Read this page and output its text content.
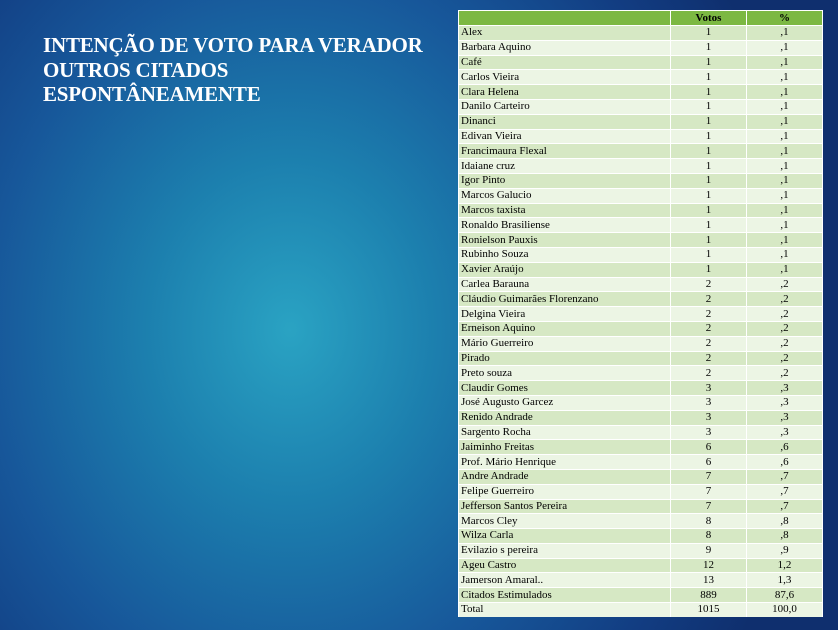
INTENÇÃO DE VOTO PARA VERADOR
OUTROS CITADOS
ESPONTÂNEAMENTE
	Votos	%
Alex	1	,1
Barbara Aquino	1	,1
Café	1	,1
Carlos Vieira	1	,1
Clara Helena	1	,1
Danilo Carteiro	1	,1
Dinanci	1	,1
Edivan Vieira	1	,1
Francimaura Flexal	1	,1
Idaiane cruz	1	,1
Igor Pinto	1	,1
Marcos Galucio	1	,1
Marcos taxista	1	,1
Ronaldo Brasiliense	1	,1
Ronielson Pauxis	1	,1
Rubinho Souza	1	,1
Xavier Araújo	1	,1
Carlea Barauna	2	,2
Cláudio Guimarães Florenzano	2	,2
Delgina Vieira	2	,2
Erneison Aquino	2	,2
Mário Guerreiro	2	,2
Pirado	2	,2
Preto souza	2	,2
Claudir Gomes	3	,3
José Augusto Garcez	3	,3
Renido Andrade	3	,3
Sargento Rocha	3	,3
Jaiminho Freitas	6	,6
Prof. Mário Henrique	6	,6
Andre Andrade	7	,7
Felipe Guerreiro	7	,7
Jefferson Santos Pereira	7	,7
Marcos Cley	8	,8
Wilza Carla	8	,8
Evilazio s pereira	9	,9
Ageu Castro	12	1,2
Jamerson Amaral..	13	1,3
Citados Estimulados	889	87,6
Total	1015	100,0
